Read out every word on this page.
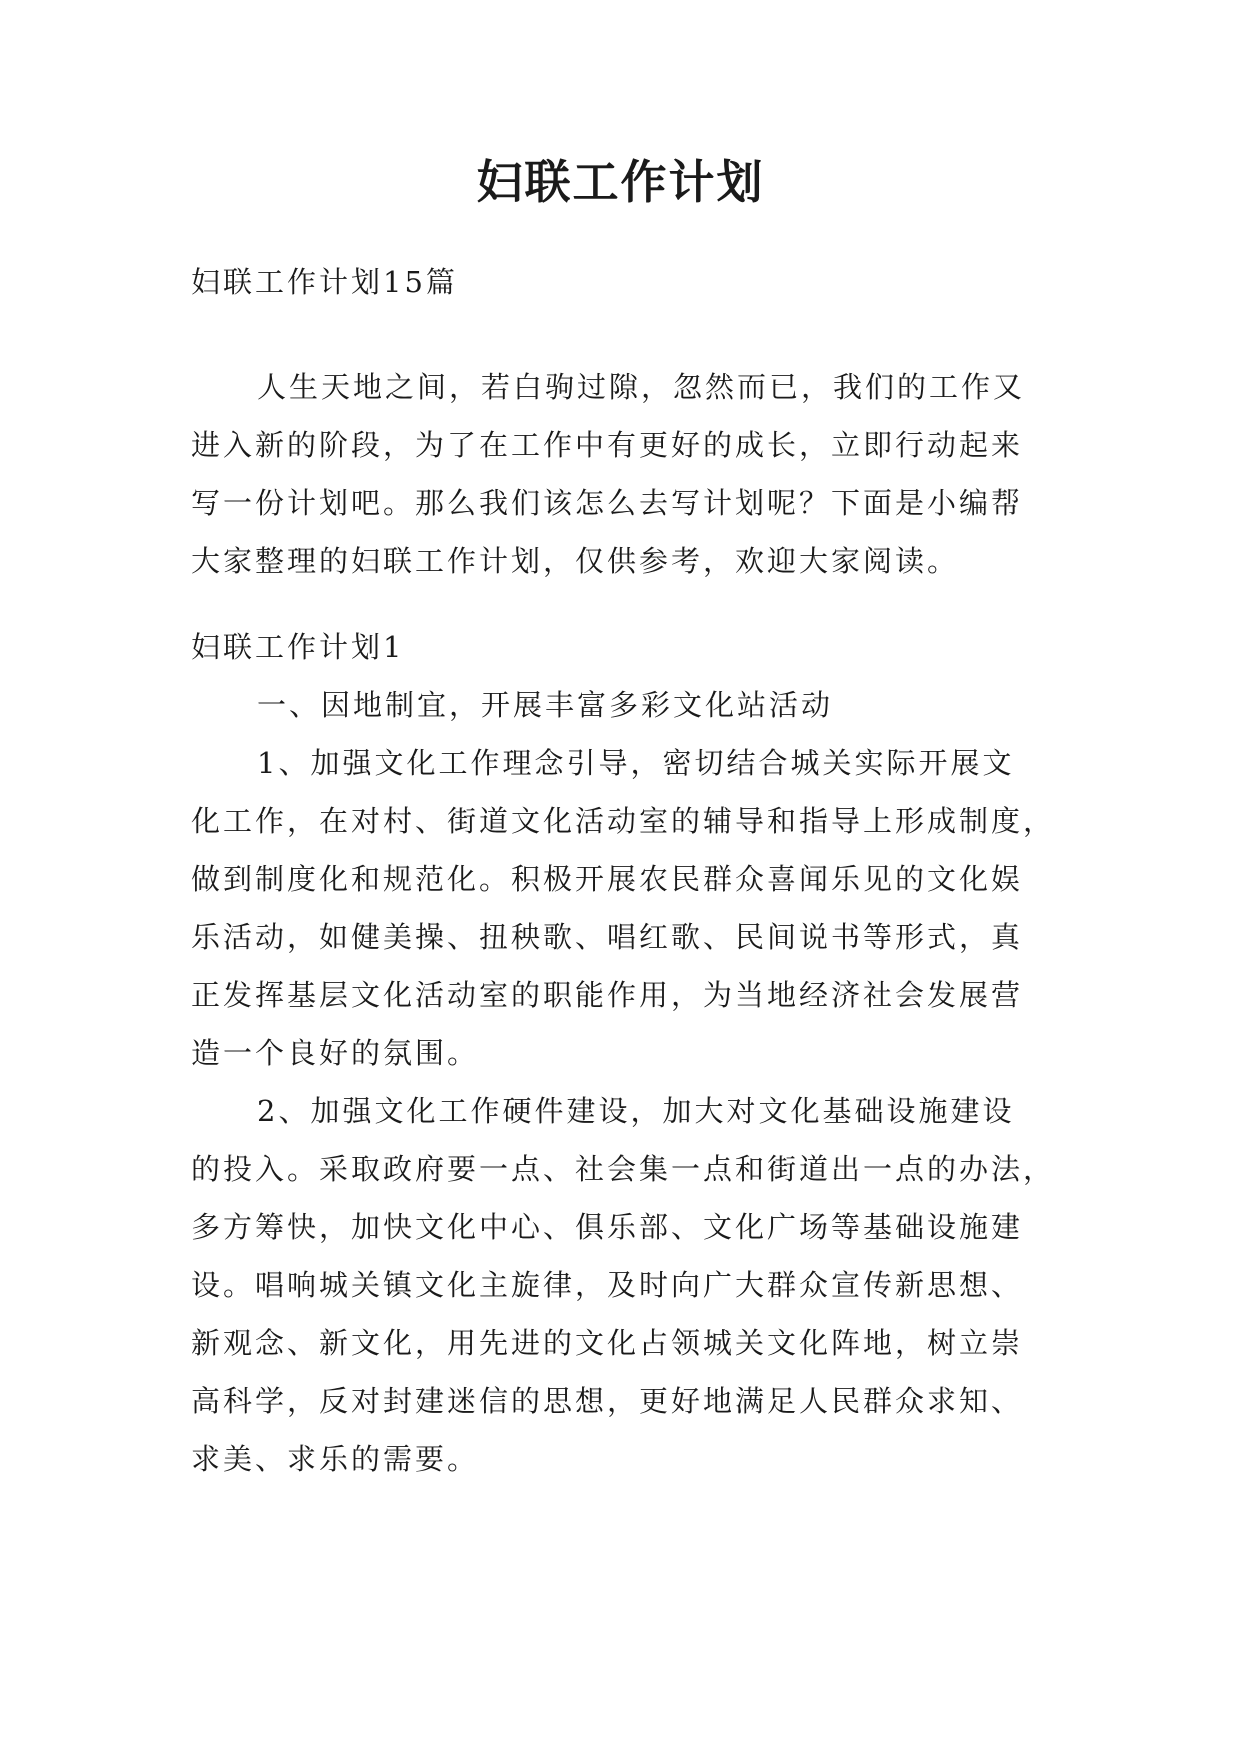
妇联工作计划
妇联工作计划15篇
人生天地之间，若白驹过隙，忽然而已，我们的工作又
进入新的阶段，为了在工作中有更好的成长，立即行动起来
写一份计划吧。那么我们该怎么去写计划呢？下面是小编帮
大家整理的妇联工作计划，仅供参考，欢迎大家阅读。
妇联工作计划1
一、因地制宜，开展丰富多彩文化站活动
1、加强文化工作理念引导，密切结合城关实际开展文
化工作，在对村、街道文化活动室的辅导和指导上形成制度，
做到制度化和规范化。积极开展农民群众喜闻乐见的文化娱
乐活动，如健美操、扭秧歌、唱红歌、民间说书等形式，真
正发挥基层文化活动室的职能作用，为当地经济社会发展营
造一个良好的氛围。
2、加强文化工作硬件建设，加大对文化基础设施建设
的投入。采取政府要一点、社会集一点和街道出一点的办法，
多方筹快，加快文化中心、俱乐部、文化广场等基础设施建
设。唱响城关镇文化主旋律，及时向广大群众宣传新思想、
新观念、新文化，用先进的文化占领城关文化阵地，树立崇
高科学，反对封建迷信的思想，更好地满足人民群众求知、
求美、求乐的需要。
